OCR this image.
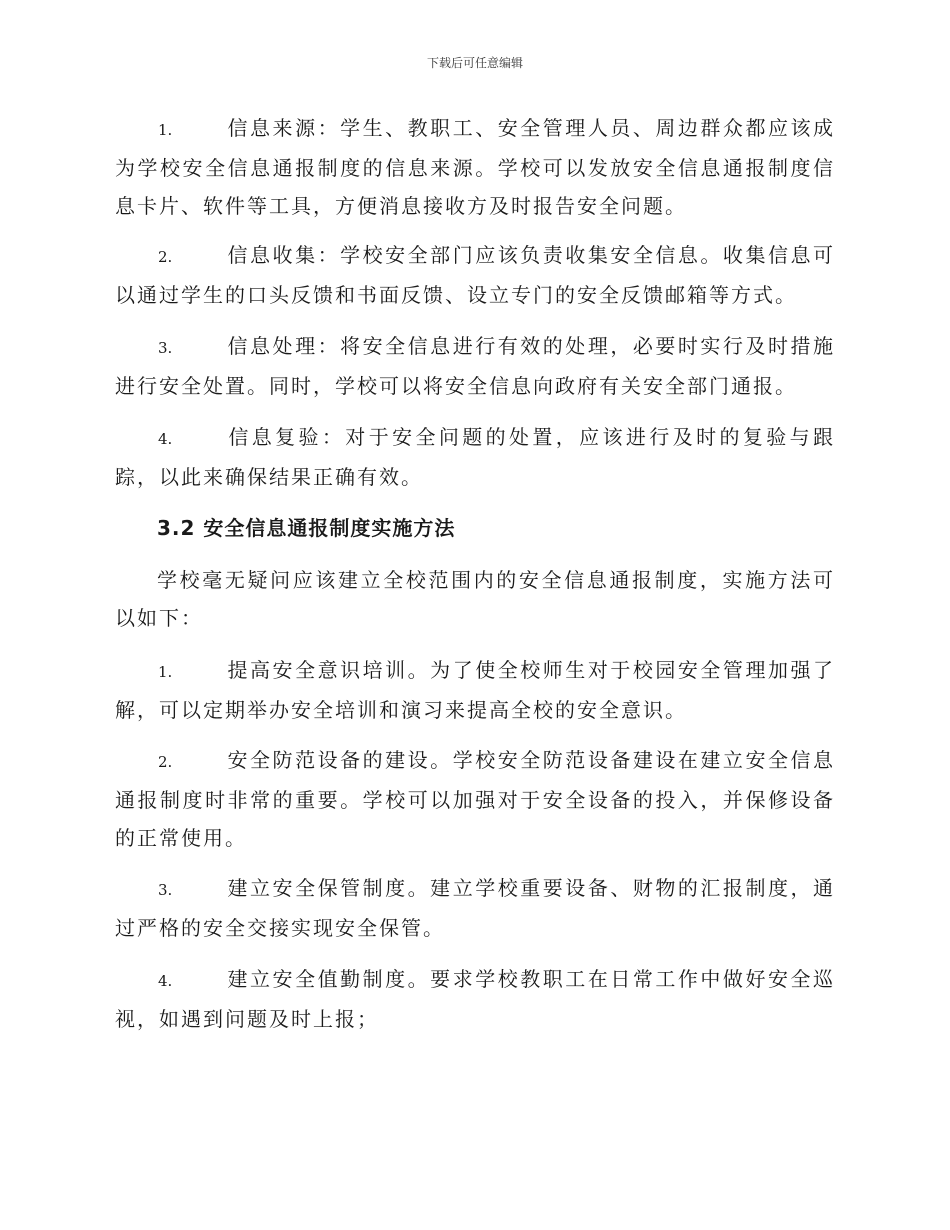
下载后可任意编辑
1.	信息来源：学生、教职工、安全管理人员、周边群众都应该成为学校安全信息通报制度的信息来源。学校可以发放安全信息通报制度信息卡片、软件等工具，方便消息接收方及时报告安全问题。
2.	信息收集：学校安全部门应该负责收集安全信息。收集信息可以通过学生的口头反馈和书面反馈、设立专门的安全反馈邮箱等方式。
3.	信息处理：将安全信息进行有效的处理，必要时实行及时措施进行安全处置。同时，学校可以将安全信息向政府有关安全部门通报。
4.	信息复验：对于安全问题的处置，应该进行及时的复验与跟踪，以此来确保结果正确有效。
3.2 安全信息通报制度实施方法
学校毫无疑问应该建立全校范围内的安全信息通报制度，实施方法可以如下：
1.	提高安全意识培训。为了使全校师生对于校园安全管理加强了解，可以定期举办安全培训和演习来提高全校的安全意识。
2.	安全防范设备的建设。学校安全防范设备建设在建立安全信息通报制度时非常的重要。学校可以加强对于安全设备的投入，并保修设备的正常使用。
3.	建立安全保管制度。建立学校重要设备、财物的汇报制度，通过严格的安全交接实现安全保管。
4.	建立安全值勤制度。要求学校教职工在日常工作中做好安全巡视，如遇到问题及时上报；
